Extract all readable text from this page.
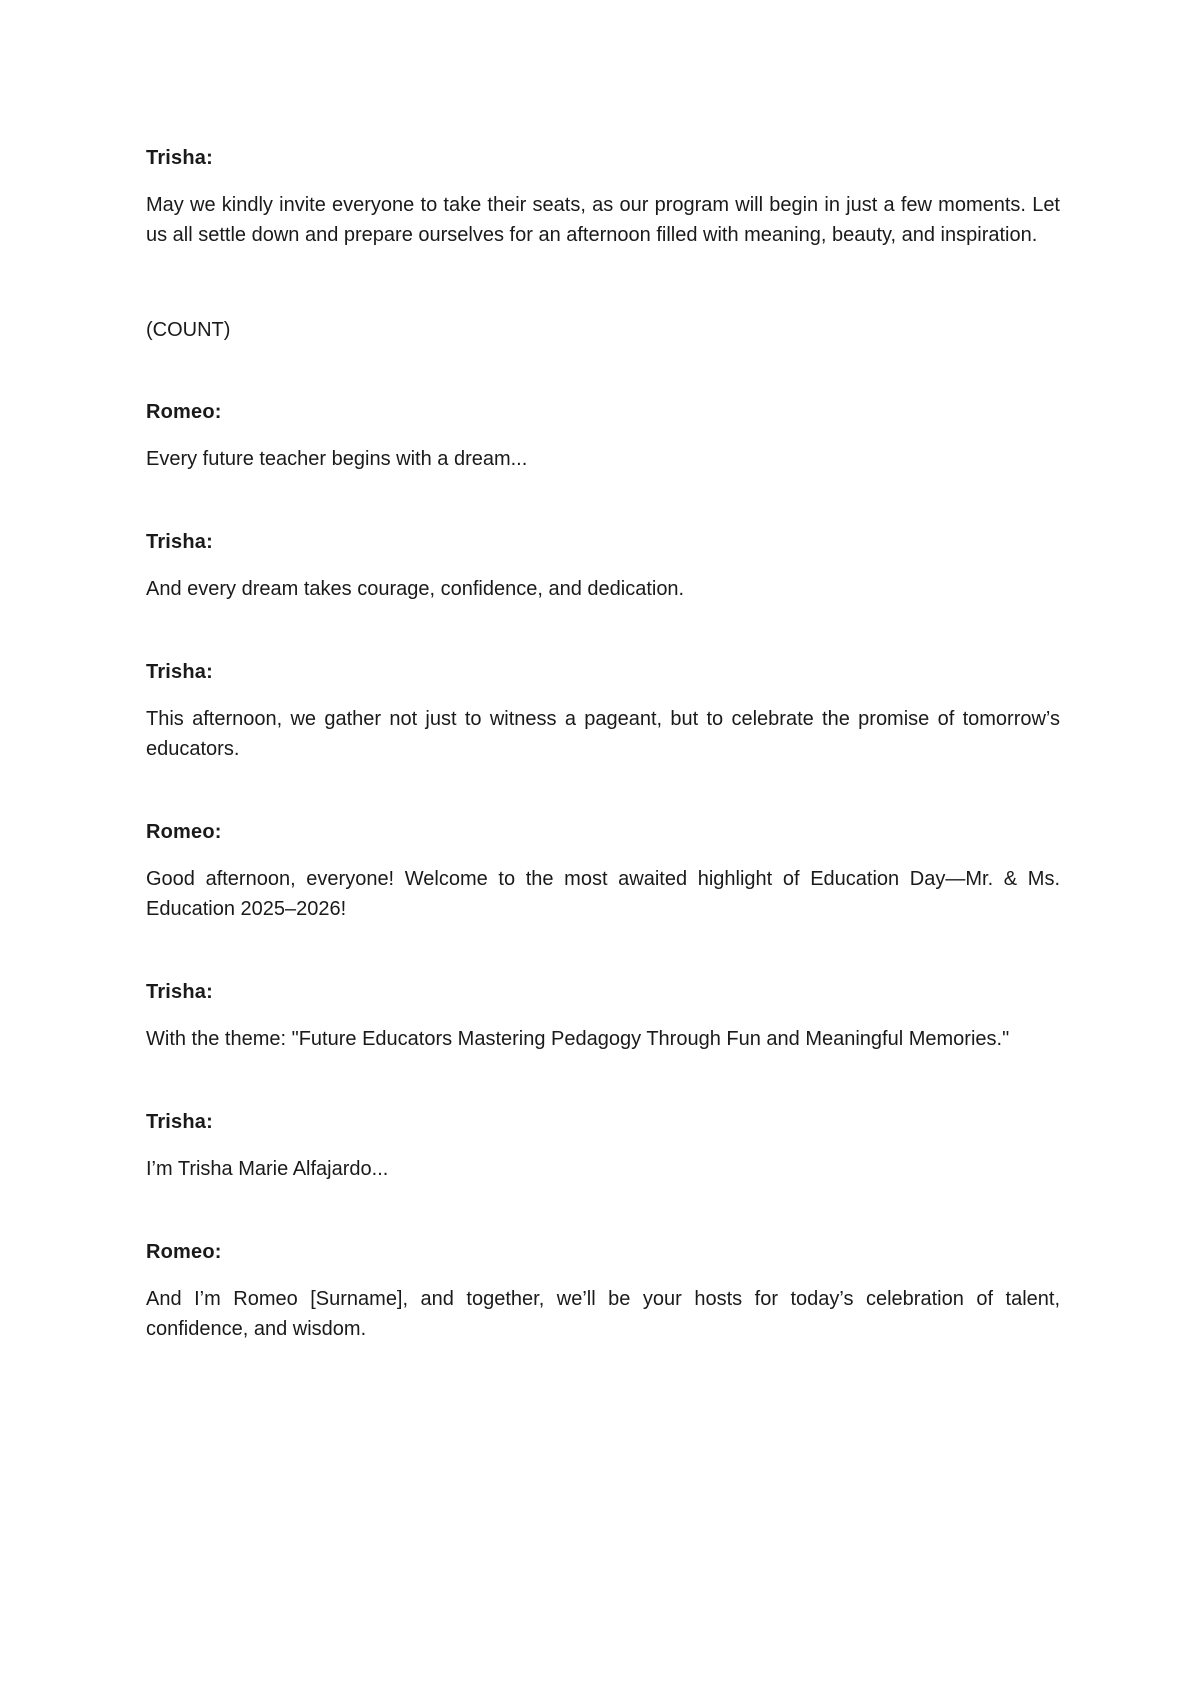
Trisha:

May we kindly invite everyone to take their seats, as our program will begin in just a few moments. Let us all settle down and prepare ourselves for an afternoon filled with meaning, beauty, and inspiration.

(COUNT)

Romeo:

Every future teacher begins with a dream...

Trisha:

And every dream takes courage, confidence, and dedication.

Trisha:

This afternoon, we gather not just to witness a pageant, but to celebrate the promise of tomorrow’s educators.

Romeo:

Good afternoon, everyone! Welcome to the most awaited highlight of Education Day—Mr. & Ms. Education 2025–2026!

Trisha:

With the theme: "Future Educators Mastering Pedagogy Through Fun and Meaningful Memories."

Trisha:

I’m Trisha Marie Alfajardo...

Romeo:

And I’m Romeo [Surname], and together, we’ll be your hosts for today’s celebration of talent, confidence, and wisdom.
